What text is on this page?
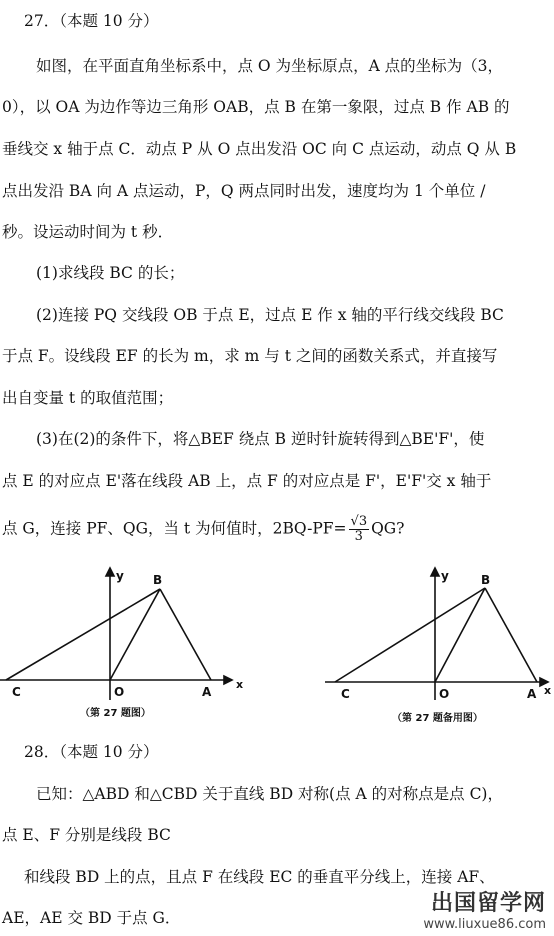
27．（本题 10 分）
如图，在平面直角坐标系中，点 O 为坐标原点，A 点的坐标为（3，
0），以 OA 为边作等边三角形 OAB，点 B 在第一象限，过点 B 作 AB 的
垂线交 x 轴于点 C．动点 P 从 O 点出发沿 OC 向 C 点运动，动点 Q 从 B
点出发沿 BA 向 A 点运动，P，Q 两点同时出发，速度均为 1 个单位 /
秒。设运动时间为 t 秒．
(1)求线段 BC 的长；
(2)连接 PQ 交线段 OB 于点 E，过点 E 作 x 轴的平行线交线段 BC
于点 F。设线段 EF 的长为 m，求 m 与 t 之间的函数关系式，并直接写
出自变量 t 的取值范围；
(3)在(2)的条件下，将△BEF 绕点 B 逆时针旋转得到△BE'F'，使
点 E 的对应点 E'落在线段 AB 上，点 F 的对应点是 F'，E'F'交 x 轴于
点 G，连接 PF、QG，当 t 为何值时，$2BQ-PF= \frac{√3}{3}$ QG?
y
x
B
C	O	A
（第 27 题图）
y
x
B
C	O	A
（第 27 题备用图）
28．（本题 10 分）
已知：△ABD 和△CBD 关于直线 BD 对称(点 A 的对称点是点 C)，
点 E、F 分别是线段 BC
和线段 BD 上的点，且点 F 在线段 EC 的垂直平分线上，连接 AF、
AE，AE 交 BD 于点 G．
出国留学网
www.liuxue86.com
